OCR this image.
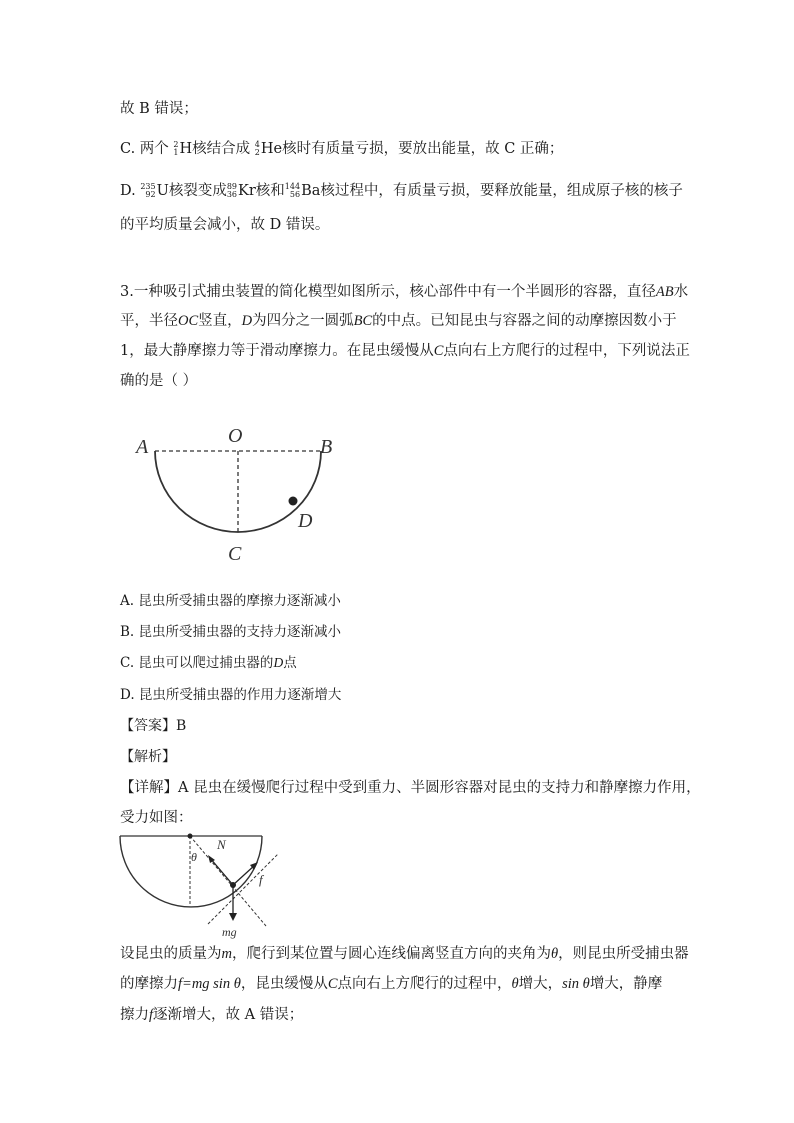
故 B 错误；
C. 两个 2
1 H核结合成 4
2 He核时有质量亏损，要放出能量，故 C 正确；
D. 235
92 U核裂变成 89
36 Kr核和 144
56 Ba核过程中，有质量亏损，要释放能量，组成原子核的核子
的平均质量会减小，故 D 错误。
3.一种吸引式捕虫装置的简化模型如图所示，核心部件中有一个半圆形的容器，直径AB水
平，半径OC竖直，D为四分之一圆弧BC的中点。已知昆虫与容器之间的动摩擦因数小于
1，最大静摩擦力等于滑动摩擦力。在昆虫缓慢从C点向右上方爬行的过程中，下列说法正
确的是（ ）
A	O	B
D
C
A. 昆虫所受捕虫器的摩擦力逐渐减小
B. 昆虫所受捕虫器的支持力逐渐减小
C. 昆虫可以爬过捕虫器的D点
D. 昆虫所受捕虫器的作用力逐渐增大
【答案】B
【解析】
【详解】A 昆虫在缓慢爬行过程中受到重力、半圆形容器对昆虫的支持力和静摩擦力作用，
受力如图：
N
θ
f
mg
设昆虫的质量为m，爬行到某位置与圆心连线偏离竖直方向的夹角为θ，则昆虫所受捕虫器
的摩擦力f=mg sin θ，昆虫缓慢从C点向右上方爬行的过程中，θ增大，sin θ增大，静摩
擦力f逐渐增大，故 A 错误；
